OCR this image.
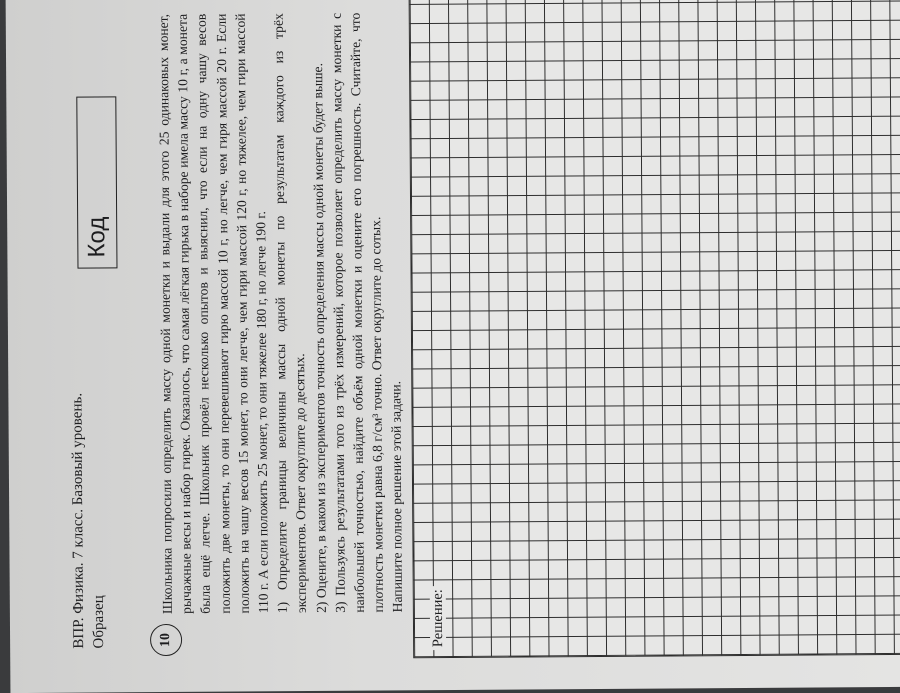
ВПР. Физика. 7 класс. Базовый уровень. Образец
Код
10

Школьника попросили определить массу одной монетки и выдали для этого 25 одинаковых монет, рычажные весы и набор гирек. Оказалось, что самая лёгкая гирька в наборе имела массу 10 г, а монета была ещё легче. Школьник провёл несколько опытов и выяснил, что если на одну чашу весов положить две монеты, то они перевешивают гирю массой 10 г, но легче, чем гиря массой 20 г. Если положить на чашу весов 15 монет, то они легче, чем гири массой 120 г, но тяжелее, чем гири массой 110 г. А если положить 25 монет, то они тяжелее 180 г, но легче 190 г. 1) Определите границы величины массы одной монеты по результатам каждого из трёх экспериментов. Ответ округлите до десятых. 2) Оцените, в каком из экспериментов точность определения массы одной монеты будет выше. 3) Пользуясь результатами того из трёх измерений, которое позволяет определить массу монетки с наибольшей точностью, найдите объём одной монетки и оцените его погрешность. Считайте, что плотность монетки равна 6,8 г/см³ точно. Ответ округлите до сотых. Напишите полное решение этой задачи.

Решение:
